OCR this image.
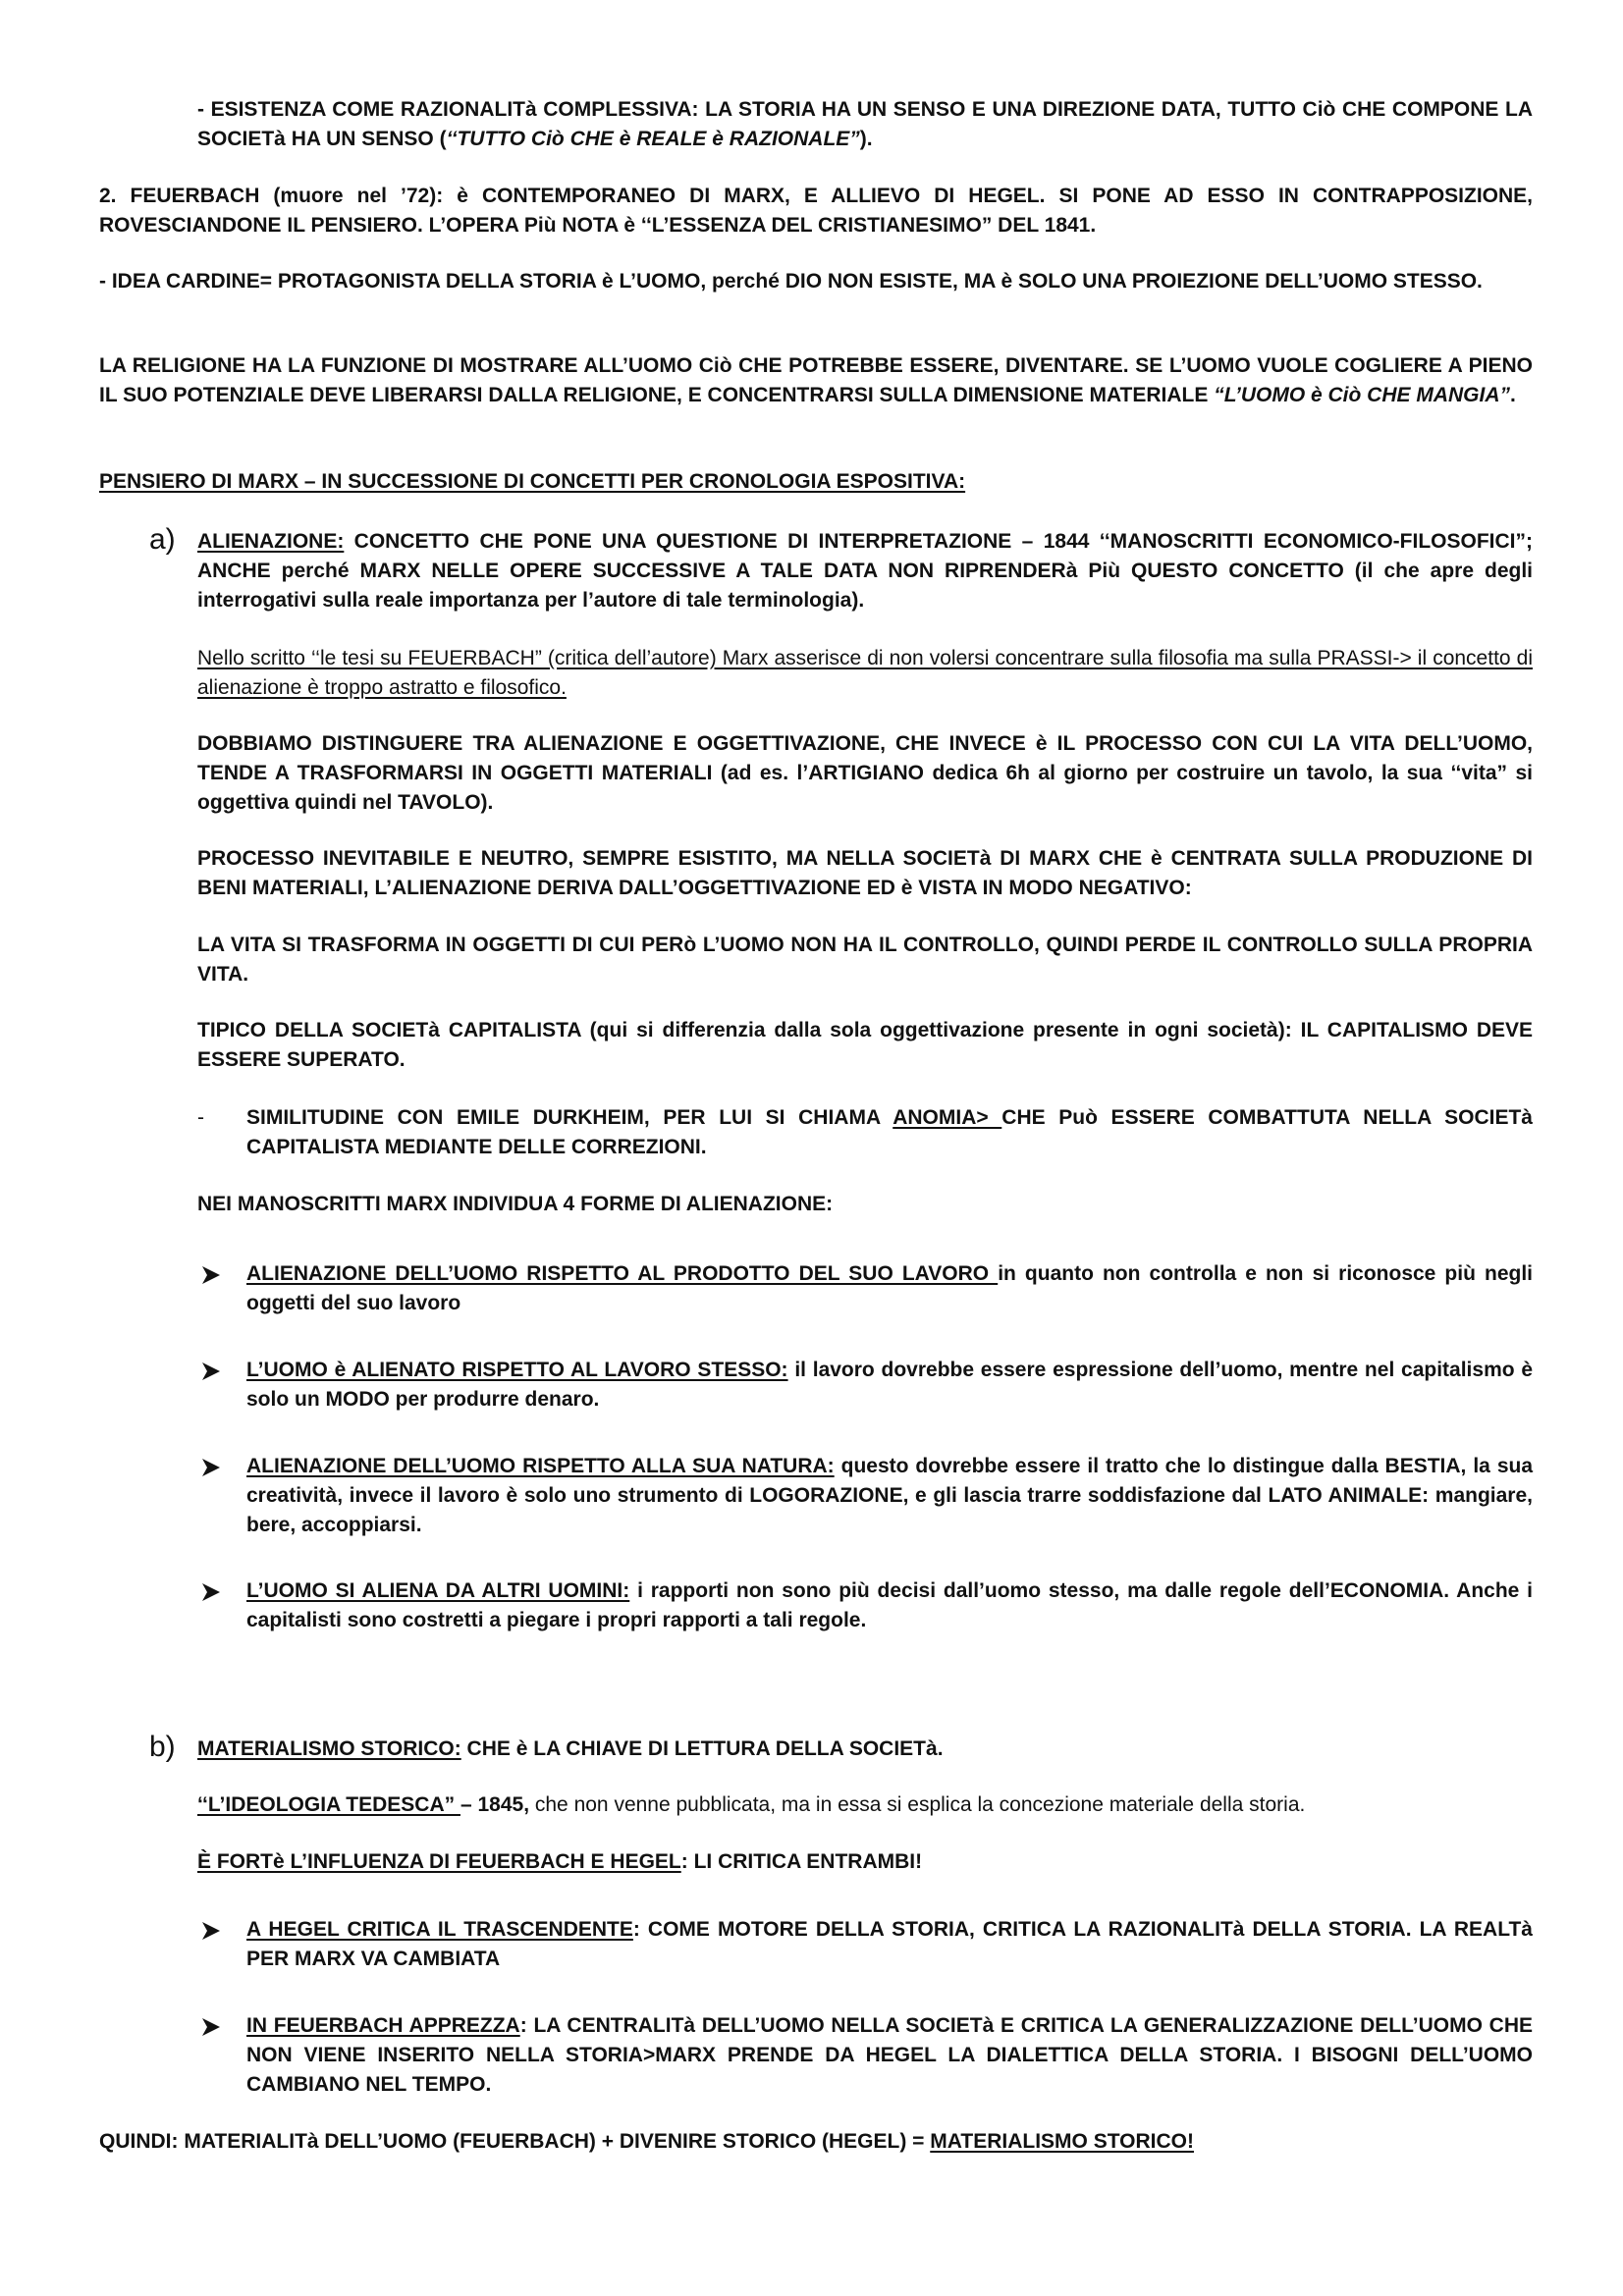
- ESISTENZA COME RAZIONALITà COMPLESSIVA: LA STORIA HA UN SENSO E UNA DIREZIONE DATA, TUTTO Ciò CHE COMPONE LA SOCIETà HA UN SENSO (‘‘TUTTO Ciò CHE è REALE è RAZIONALE”).

2. FEUERBACH (muore nel ’72): è CONTEMPORANEO DI MARX, E ALLIEVO DI HEGEL. SI PONE AD ESSO IN CONTRAPPOSIZIONE, ROVESCIANDONE IL PENSIERO. L’OPERA Più NOTA è ‘‘L’ESSENZA DEL CRISTIANESIMO” DEL 1841.

- IDEA CARDINE= PROTAGONISTA DELLA STORIA è L’UOMO, perché DIO NON ESISTE, MA è SOLO UNA PROIEZIONE DELL’UOMO STESSO.

LA RELIGIONE HA LA FUNZIONE DI MOSTRARE ALL’UOMO Ciò CHE POTREBBE ESSERE, DIVENTARE. SE L’UOMO VUOLE COGLIERE A PIENO IL SUO POTENZIALE DEVE LIBERARSI DALLA RELIGIONE, E CONCENTRARSI SULLA DIMENSIONE MATERIALE “L’UOMO è Ciò CHE MANGIA”.

PENSIERO DI MARX – IN SUCCESSIONE DI CONCETTI PER CRONOLOGIA ESPOSITIVA:

a) ALIENAZIONE: CONCETTO CHE PONE UNA QUESTIONE DI INTERPRETAZIONE – 1844 ‘‘MANOSCRITTI ECONOMICO-FILOSOFICI”; ANCHE perché MARX NELLE OPERE SUCCESSIVE A TALE DATA NON RIPRENDERà Più QUESTO CONCETTO (il che apre degli interrogativi sulla reale importanza per l’autore di tale terminologia).

Nello scritto ‘‘le tesi su FEUERBACH” (critica dell’autore) Marx asserisce di non volersi concentrare sulla filosofia ma sulla PRASSI-> il concetto di alienazione è troppo astratto e filosofico.

DOBBIAMO DISTINGUERE TRA ALIENAZIONE E OGGETTIVAZIONE, CHE INVECE è IL PROCESSO CON CUI LA VITA DELL’UOMO, TENDE A TRASFORMARSI IN OGGETTI MATERIALI (ad es. l’ARTIGIANO dedica 6h al giorno per costruire un tavolo, la sua ‘‘vita” si oggettiva quindi nel TAVOLO).

PROCESSO INEVITABILE E NEUTRO, SEMPRE ESISTITO, MA NELLA SOCIETà DI MARX CHE è CENTRATA SULLA PRODUZIONE DI BENI MATERIALI, L’ALIENAZIONE DERIVA DALL’OGGETTIVAZIONE ED è VISTA IN MODO NEGATIVO:

LA VITA SI TRASFORMA IN OGGETTI DI CUI PERò L’UOMO NON HA IL CONTROLLO, QUINDI PERDE IL CONTROLLO SULLA PROPRIA VITA.

TIPICO DELLA SOCIETà CAPITALISTA (qui si differenzia dalla sola oggettivazione presente in ogni società): IL CAPITALISMO DEVE ESSERE SUPERATO.

- SIMILITUDINE CON EMILE DURKHEIM, PER LUI SI CHIAMA ANOMIA> CHE Può ESSERE COMBATTUTA NELLA SOCIETà CAPITALISTA MEDIANTE DELLE CORREZIONI.

NEI MANOSCRITTI MARX INDIVIDUA 4 FORME DI ALIENAZIONE:

ALIENAZIONE DELL’UOMO RISPETTO AL PRODOTTO DEL SUO LAVORO in quanto non controlla e non si riconosce più negli oggetti del suo lavoro

L’UOMO è ALIENATO RISPETTO AL LAVORO STESSO: il lavoro dovrebbe essere espressione dell’uomo, mentre nel capitalismo è solo un MODO per produrre denaro.

ALIENAZIONE DELL’UOMO RISPETTO ALLA SUA NATURA: questo dovrebbe essere il tratto che lo distingue dalla BESTIA, la sua creatività, invece il lavoro è solo uno strumento di LOGORAZIONE, e gli lascia trarre soddisfazione dal LATO ANIMALE: mangiare, bere, accoppiarsi.

L’UOMO SI ALIENA DA ALTRI UOMINI: i rapporti non sono più decisi dall’uomo stesso, ma dalle regole dell’ECONOMIA. Anche i capitalisti sono costretti a piegare i propri rapporti a tali regole.

b) MATERIALISMO STORICO: CHE è LA CHIAVE DI LETTURA DELLA SOCIETà.

‘‘L’IDEOLOGIA TEDESCA” – 1845, che non venne pubblicata, ma in essa si esplica la concezione materiale della storia.

È FORTè L’INFLUENZA DI FEUERBACH E HEGEL: LI CRITICA ENTRAMBI!

A HEGEL CRITICA IL TRASCENDENTE: COME MOTORE DELLA STORIA, CRITICA LA RAZIONALITà DELLA STORIA. LA REALTà PER MARX VA CAMBIATA

IN FEUERBACH APPREZZA: LA CENTRALITà DELL’UOMO NELLA SOCIETà E CRITICA LA GENERALIZZAZIONE DELL’UOMO CHE NON VIENE INSERITO NELLA STORIA>MARX PRENDE DA HEGEL LA DIALETTICA DELLA STORIA. I BISOGNI DELL’UOMO CAMBIANO NEL TEMPO.

QUINDI: MATERIALITà DELL’UOMO (FEUERBACH) + DIVENIRE STORICO (HEGEL) = MATERIALISMO STORICO!
